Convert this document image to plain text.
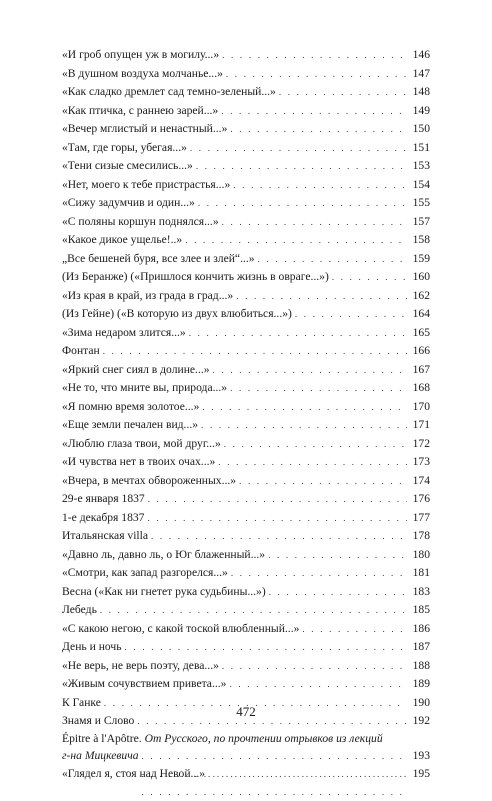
«И гроб опущен уж в могилу...» . . .	146
«В душном воздуха молчанье...» . . .	147
«Как сладко дремлет сад темно-зеленый...» . . .	148
«Как птичка, с раннею зарей...» . . .	149
«Вечер мглистый и ненастный...» . . .	150
«Там, где горы, убегая...» . . .	151
«Тени сизые смесились...» . . .	153
«Нет, моего к тебе пристрастья...» . . .	154
«Сижу задумчив и один...» . . .	155
«С поляны коршун поднялся...» . . .	157
«Какое дикое ущелье!..» . . .	158
„Все бешеней буря, все злее и злей“...» . . .	159
(Из Беранже) («Пришлося кончить жизнь в овраге...») . . .	160
«Из края в край, из града в град...» . . .	162
(Из Гейне) («В которую из двух влюбиться...») . . .	164
«Зима недаром злится...» . . .	165
Фонтан . . .	166
«Яркий снег сиял в долине...» . . .	167
«Не то, что мните вы, природа...» . . .	168
«Я помню время золотое...» . . .	170
«Еще земли печален вид...» . . .	171
«Люблю глаза твои, мой друг...» . . .	172
«И чувства нет в твоих очах...» . . .	173
«Вчера, в мечтах обвороженных...» . . .	174
29-е января 1837 . . .	176
1-е декабря 1837 . . .	177
Итальянская villa . . .	178
«Давно ль, давно ль, о Юг блаженный...» . . .	180
«Смотри, как запад разгорелся...» . . .	181
Весна («Как ни гнетет рука судьбины...») . . .	183
Лебедь . . .	185
«С какою негою, с какой тоской влюбленный...» . . .	186
День и ночь . . .	187
«Не верь, не верь поэту, дева...» . . .	188
«Живым сочувствием привета...» . . .	189
К Ганке . . .	190
Знамя и Слово . . .	192
Épitre à l'Apôtre. От Русского, по прочтении отрывков из лекций
г-на Мицкевича . . .	193
«Глядел я, стоя над Невой...» . . .	195
472
